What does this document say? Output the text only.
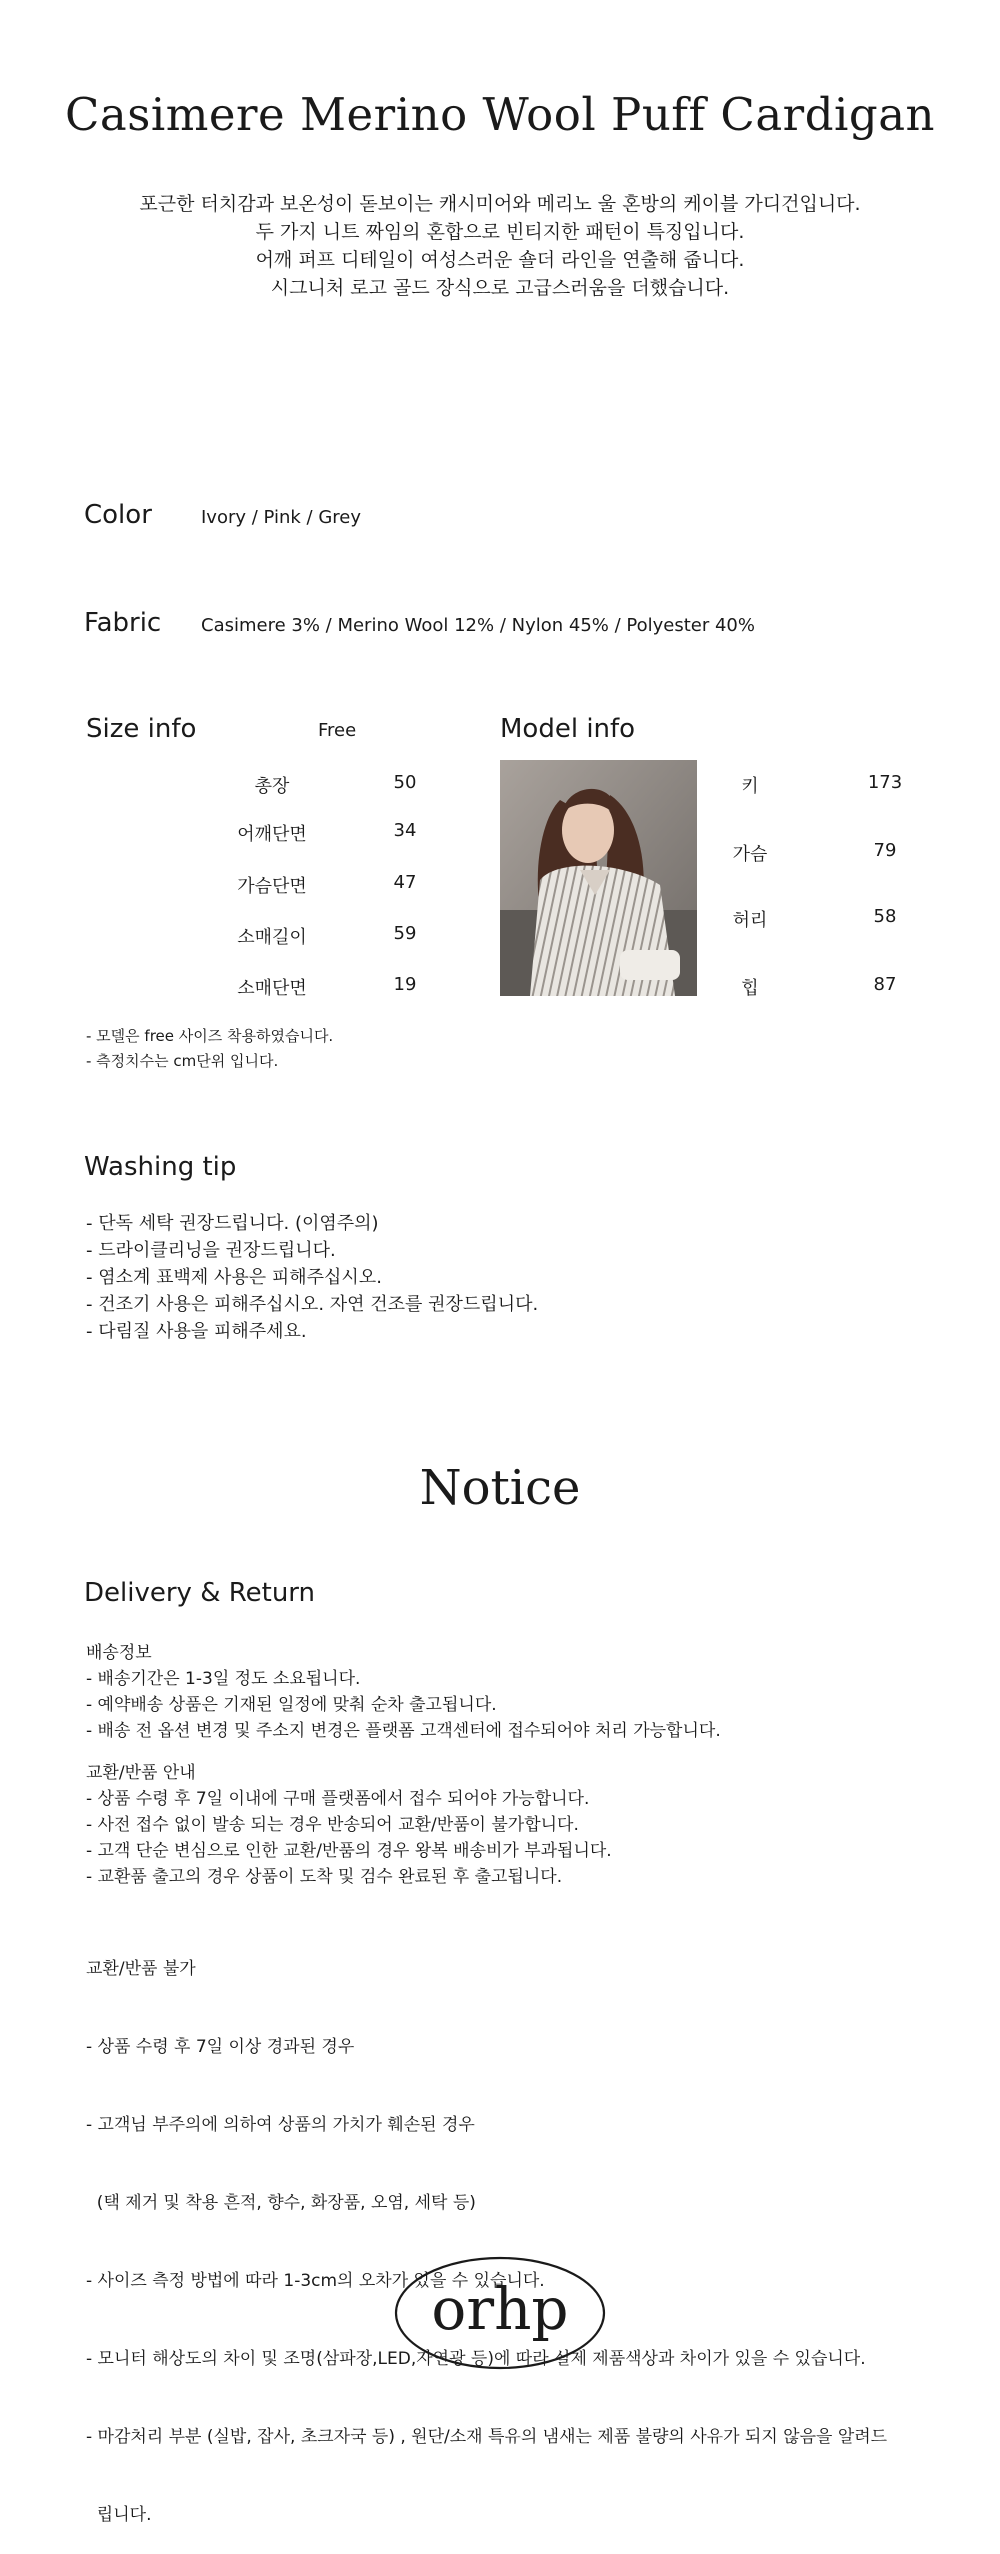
Casimere Merino Wool Puff Cardigan
포근한 터치감과 보온성이 돋보이는 캐시미어와 메리노 울 혼방의 케이블 가디건입니다.
두 가지 니트 짜임의 혼합으로 빈티지한 패턴이 특징입니다.
어깨 퍼프 디테일이 여성스러운 숄더 라인을 연출해 줍니다.
시그니처 로고 골드 장식으로 고급스러움을 더했습니다.
Color	Ivory / Pink / Grey
Fabric Casimere 3% / Merino Wool 12% / Nylon 45% / Polyester 40%
Size info	Free
총장	50
어깨단면	34
가슴단면	47
소매길이	59
소매단면	19
Model info
키	173
가슴	79
허리	58
힙	87
- 모델은 free 사이즈 착용하였습니다.
- 측정치수는 cm단위 입니다.
Washing tip
- 단독 세탁 권장드립니다. (이염주의)
- 드라이클리닝을 권장드립니다.
- 염소계 표백제 사용은 피해주십시오.
- 건조기 사용은 피해주십시오. 자연 건조를 권장드립니다.
- 다림질 사용을 피해주세요.
Notice
Delivery & Return
배송정보
- 배송기간은 1-3일 정도 소요됩니다.
- 예약배송 상품은 기재된 일정에 맞춰 순차 출고됩니다.
- 배송 전 옵션 변경 및 주소지 변경은 플랫폼 고객센터에 접수되어야 처리 가능합니다.
교환/반품 안내
- 상품 수령 후 7일 이내에 구매 플랫폼에서 접수 되어야 가능합니다.
- 사전 접수 없이 발송 되는 경우 반송되어 교환/반품이 불가합니다.
- 고객 단순 변심으로 인한 교환/반품의 경우 왕복 배송비가 부과됩니다.
- 교환품 출고의 경우 상품이 도착 및 검수 완료된 후 출고됩니다.

교환/반품 불가

- 상품 수령 후 7일 이상 경과된 경우

- 고객님 부주의에 의하여 상품의 가치가 훼손된 경우

(택 제거 및 착용 흔적, 향수, 화장품, 오염, 세탁 등)

- 사이즈 측정 방법에 따라 1-3cm의 오차가 있을 수 있습니다.

- 모니터 해상도의 차이 및 조명(삼파장,LED,자연광 등)에 따라 실제 제품색상과 차이가 있을 수 있습니다.

- 마감처리 부분 (실밥, 잡사, 초크자국 등) , 원단/소재 특유의 냄새는 제품 불량의 사유가 되지 않음을 알려드

립니다.

orhp
